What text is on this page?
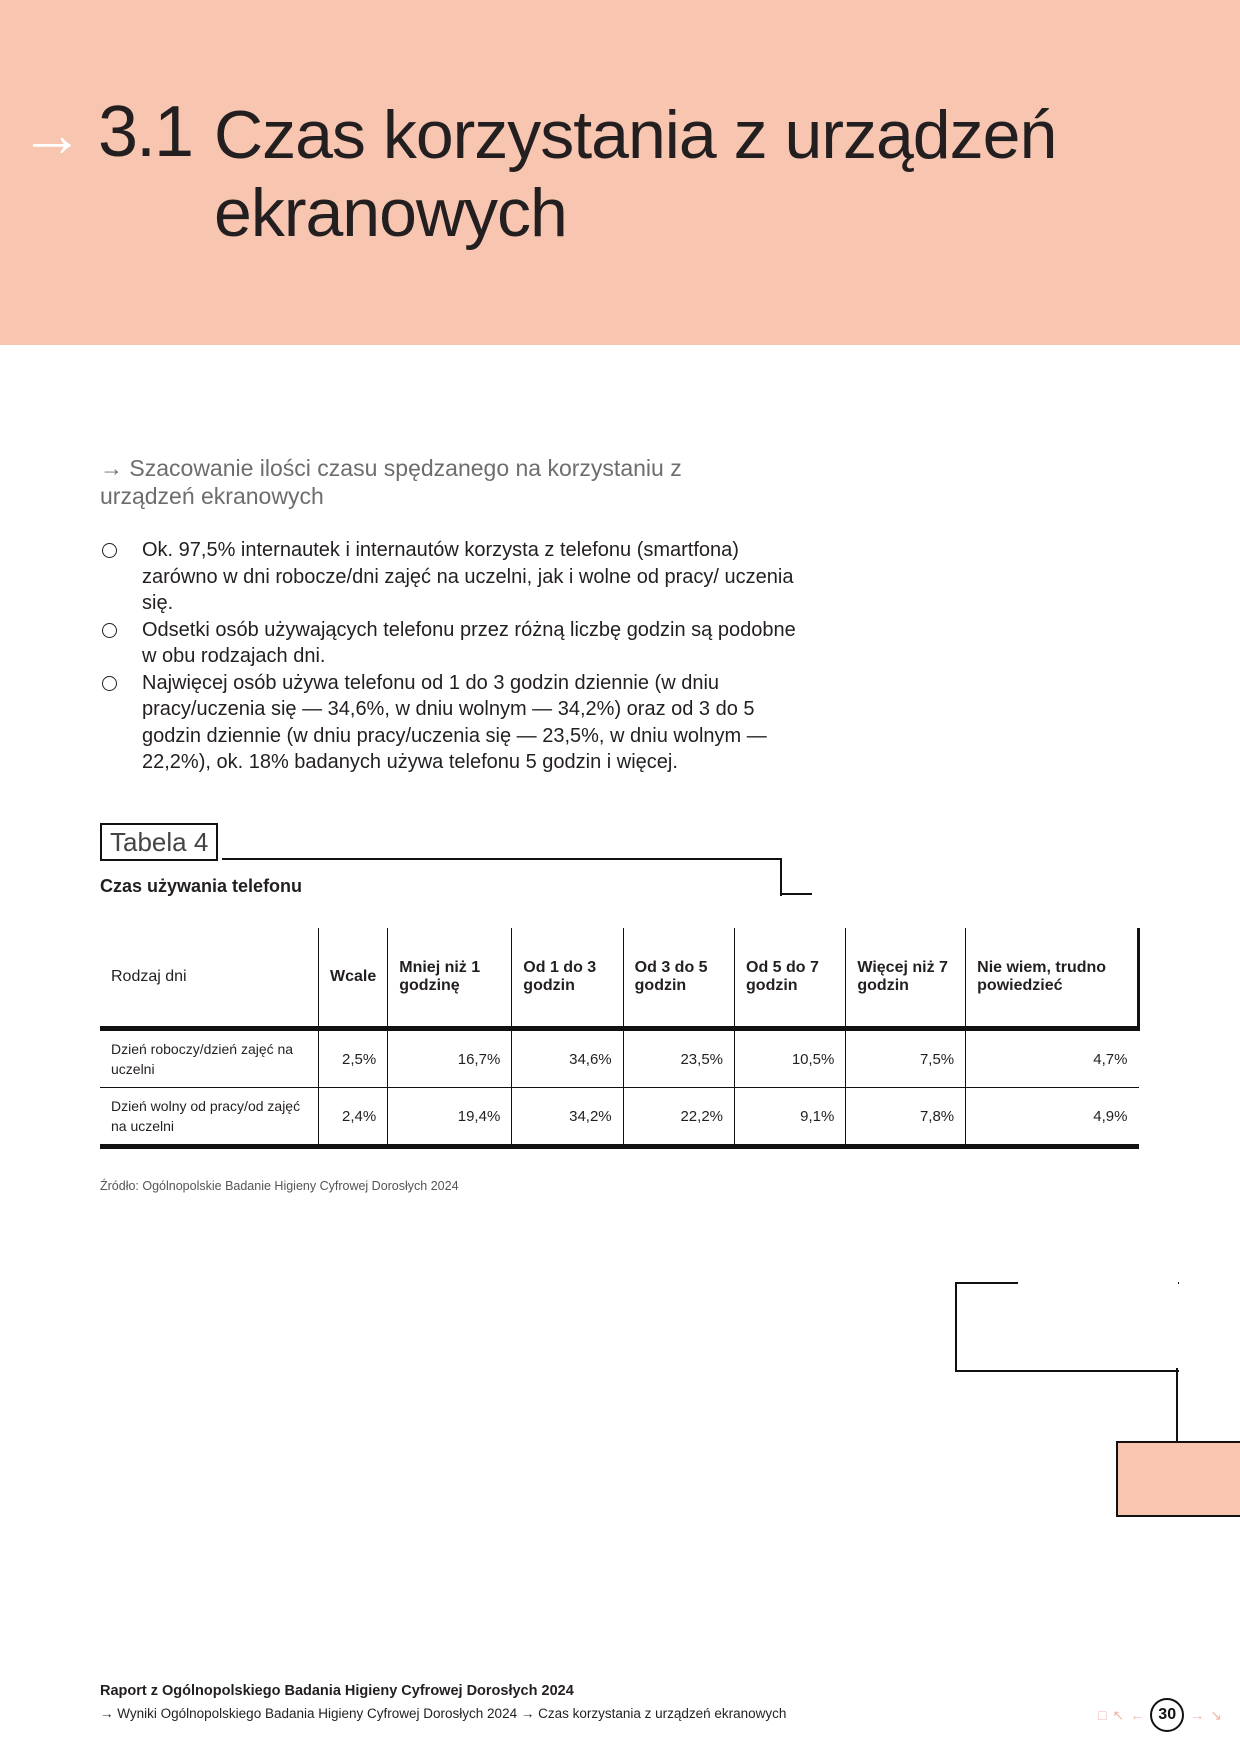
→ 3.1 Czas korzystania z urządzeń ekranowych
→ Szacowanie ilości czasu spędzanego na korzystaniu z urządzeń ekranowych
Ok. 97,5% internautek i internautów korzysta z telefonu (smartfona) zarówno w dni robocze/dni zajęć na uczelni, jak i wolne od pracy/ uczenia się.
Odsetki osób używających telefonu przez różną liczbę godzin są podobne w obu rodzajach dni.
Najwięcej osób używa telefonu od 1 do 3 godzin dziennie (w dniu pracy/uczenia się — 34,6%, w dniu wolnym — 34,2%) oraz od 3 do 5 godzin dziennie (w dniu pracy/uczenia się — 23,5%, w dniu wolnym — 22,2%), ok. 18% badanych używa telefonu 5 godzin i więcej.
Tabela 4
Czas używania telefonu
Rodzaj dni	Wcale	Mniej niż 1 godzinę	Od 1 do 3 godzin	Od 3 do 5 godzin	Od 5 do 7 godzin	Więcej niż 7 godzin	Nie wiem, trudno powiedzieć
Dzień roboczy/dzień zajęć na uczelni	2,5%	16,7%	34,6%	23,5%	10,5%	7,5%	4,7%
Dzień wolny od pracy/od zajęć na uczelni	2,4%	19,4%	34,2%	22,2%	9,1%	7,8%	4,9%
Źródło: Ogólnopolskie Badanie Higieny Cyfrowej Dorosłych 2024
Raport z Ogólnopolskiego Badania Higieny Cyfrowej Dorosłych 2024
→ Wyniki Ogólnopolskiego Badania Higieny Cyfrowej Dorosłych 2024 → Czas korzystania z urządzeń ekranowych	□ ↖ ← 30	→ ↘
